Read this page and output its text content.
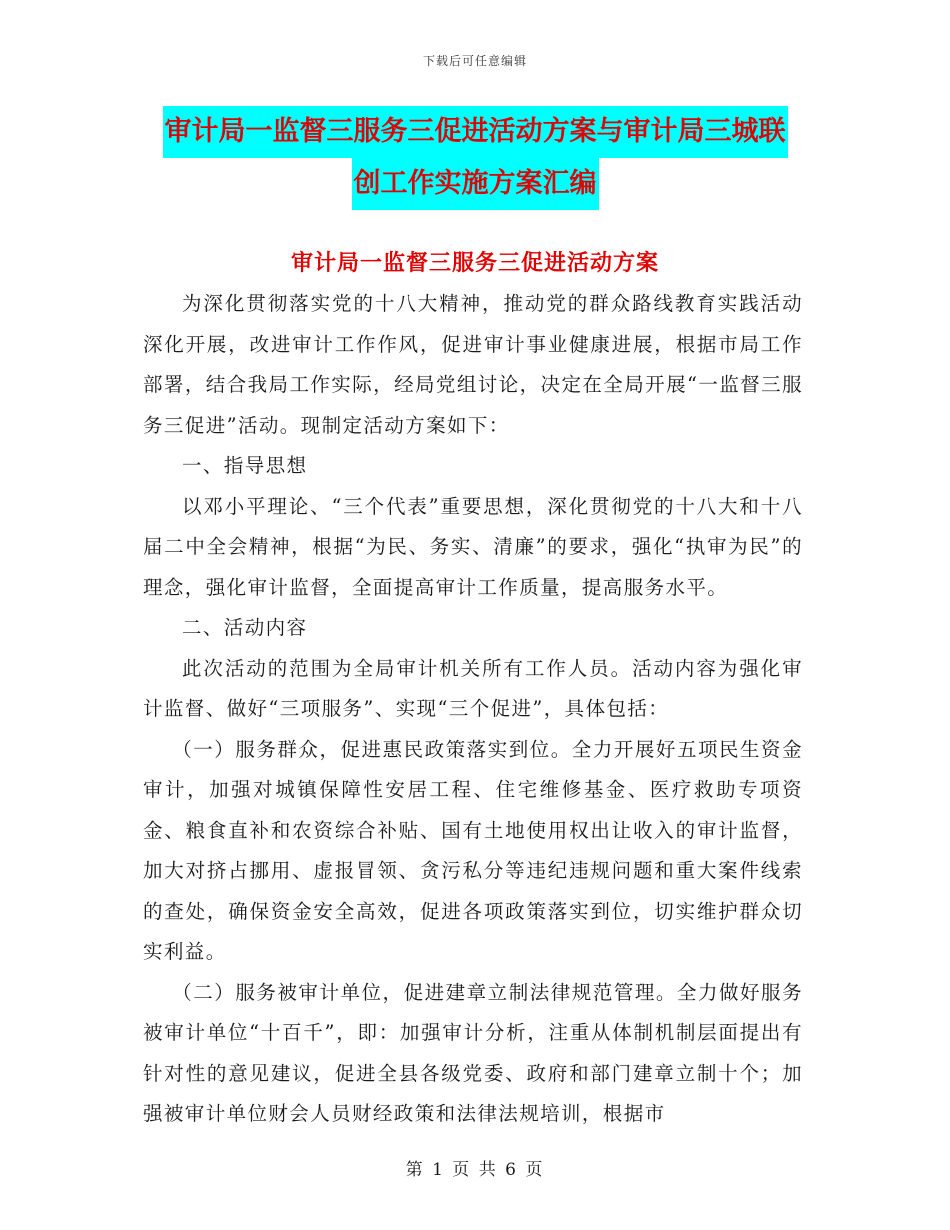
下载后可任意编辑
审计局一监督三服务三促进活动方案与审计局三城联
创工作实施方案汇编
审计局一监督三服务三促进活动方案

为深化贯彻落实党的十八大精神，推动党的群众路线教育实践活动深化开展，改进审计工作作风，促进审计事业健康进展，根据市局工作部署，结合我局工作实际，经局党组讨论，决定在全局开展“一监督三服务三促进”活动。现制定活动方案如下：

一、指导思想

以邓小平理论、“三个代表”重要思想，深化贯彻党的十八大和十八届二中全会精神，根据“为民、务实、清廉”的要求，强化“执审为民”的理念，强化审计监督，全面提高审计工作质量，提高服务水平。

二、活动内容

此次活动的范围为全局审计机关所有工作人员。活动内容为强化审计监督、做好“三项服务”、实现“三个促进”，具体包括：

（一）服务群众，促进惠民政策落实到位。全力开展好五项民生资金审计，加强对城镇保障性安居工程、住宅维修基金、医疗救助专项资金、粮食直补和农资综合补贴、国有土地使用权出让收入的审计监督，加大对挤占挪用、虚报冒领、贪污私分等违纪违规问题和重大案件线索的查处，确保资金安全高效，促进各项政策落实到位，切实维护群众切实利益。

（二）服务被审计单位，促进建章立制法律规范管理。全力做好服务被审计单位“十百千”，即：加强审计分析，注重从体制机制层面提出有针对性的意见建议，促进全县各级党委、政府和部门建章立制十个；加强被审计单位财会人员财经政策和法律法规培训，根据市

第 1 页 共 6 页
